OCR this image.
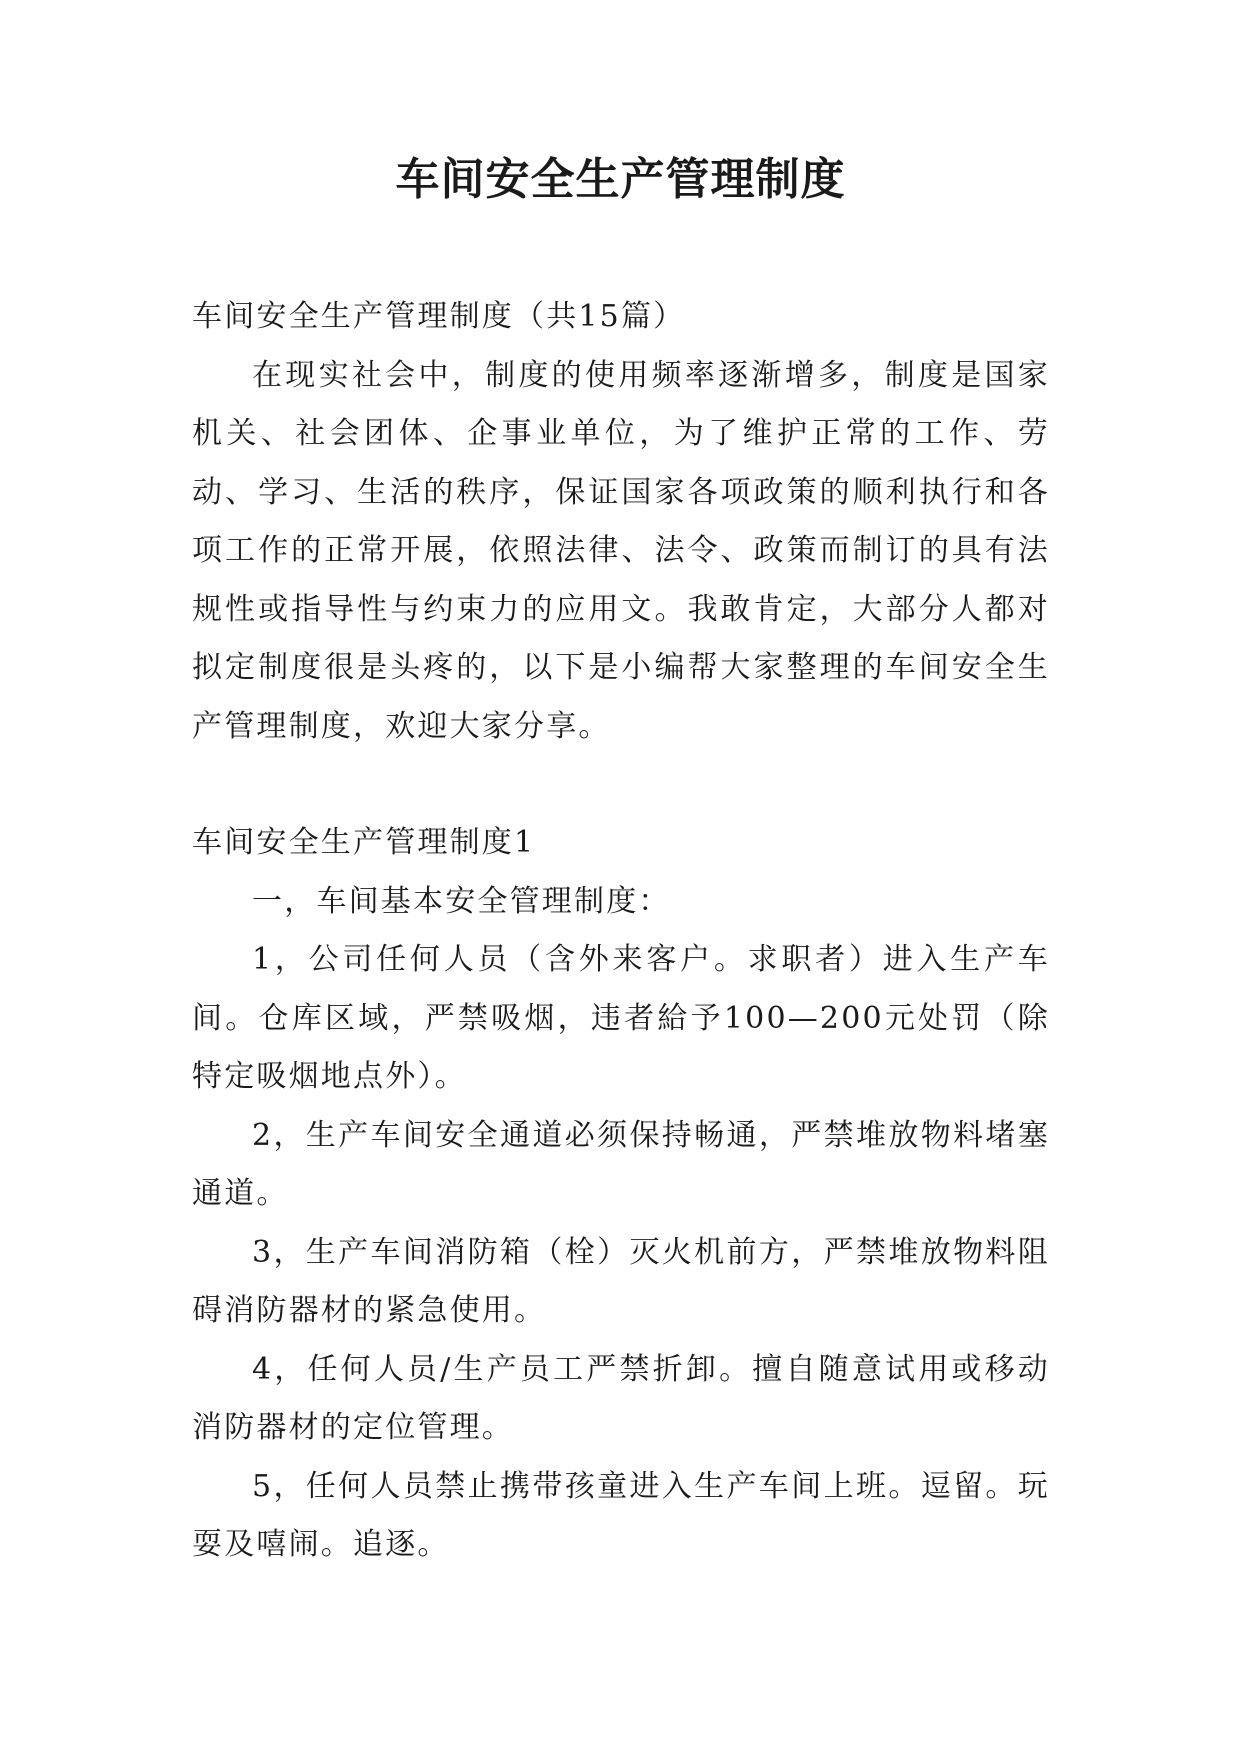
车间安全生产管理制度

车间安全生产管理制度（共15篇）

在现实社会中，制度的使用频率逐渐增多，制度是国家机关、社会团体、企事业单位，为了维护正常的工作、劳动、学习、生活的秩序，保证国家各项政策的顺利执行和各项工作的正常开展，依照法律、法令、政策而制订的具有法规性或指导性与约束力的应用文。我敢肯定，大部分人都对拟定制度很是头疼的，以下是小编帮大家整理的车间安全生产管理制度，欢迎大家分享。

车间安全生产管理制度1

一，车间基本安全管理制度：

1，公司任何人员（含外来客户。求职者）进入生产车间。仓库区域，严禁吸烟，违者給予100—200元处罚（除特定吸烟地点外）。

2，生产车间安全通道必须保持畅通，严禁堆放物料堵塞通道。

3，生产车间消防箱（栓）灭火机前方，严禁堆放物料阻碍消防器材的紧急使用。

4，任何人员/生产员工严禁折卸。擅自随意试用或移动消防器材的定位管理。

5，任何人员禁止携带孩童进入生产车间上班。逗留。玩耍及嘻闹。追逐。
